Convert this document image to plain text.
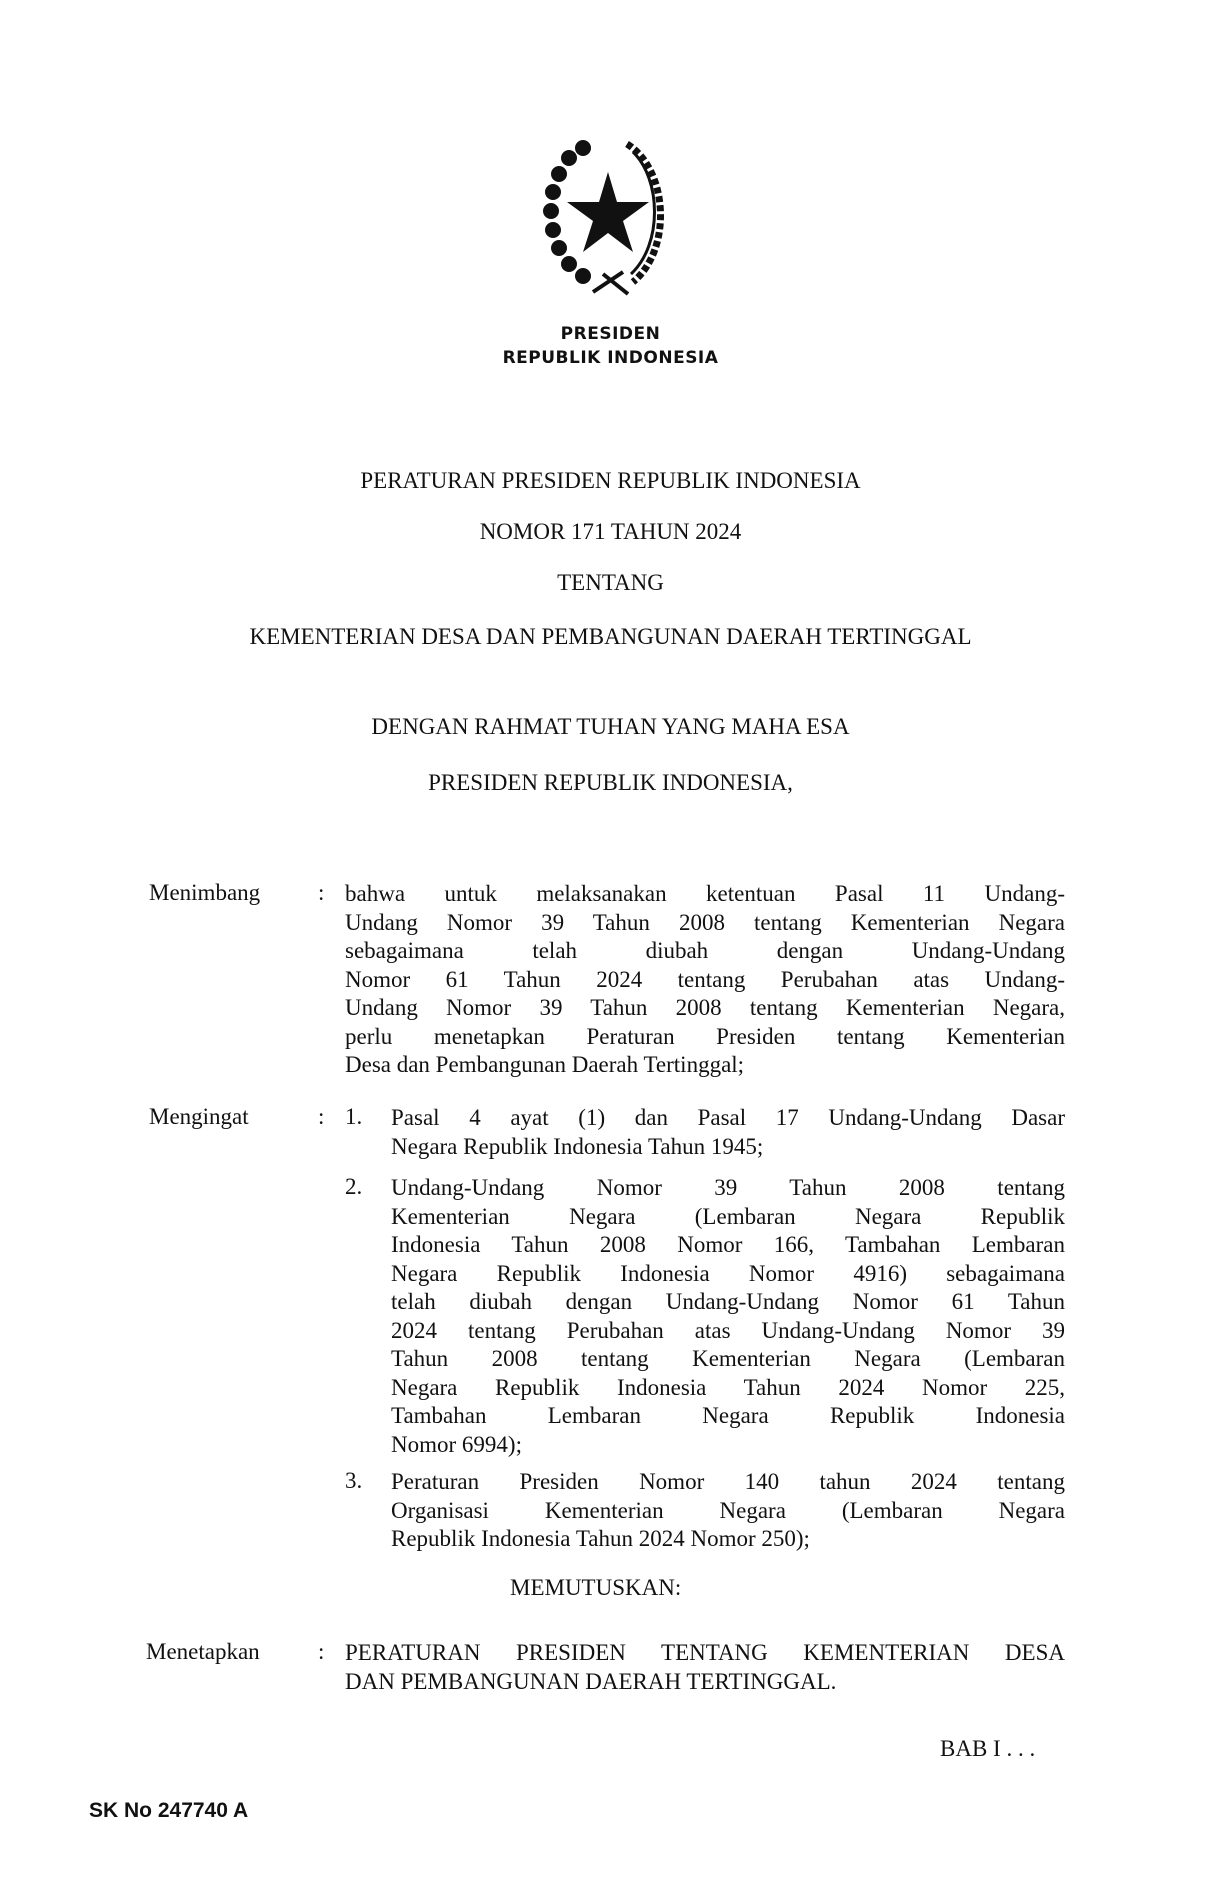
PRESIDEN
REPUBLIK INDONESIA
PERATURAN PRESIDEN REPUBLIK INDONESIA
NOMOR 171 TAHUN 2024
TENTANG
KEMENTERIAN DESA DAN PEMBANGUNAN DAERAH TERTINGGAL
DENGAN RAHMAT TUHAN YANG MAHA ESA
PRESIDEN REPUBLIK INDONESIA,
Menimbang	: bahwa untuk melaksanakan ketentuan Pasal 11 Undang-
Undang Nomor 39 Tahun 2008 tentang Kementerian Negara
sebagaimana telah diubah dengan Undang-Undang
Nomor 61 Tahun 2024 tentang Perubahan atas Undang-
Undang Nomor 39 Tahun 2008 tentang Kementerian Negara,
perlu menetapkan Peraturan Presiden tentang Kementerian
Desa dan Pembangunan Daerah Tertinggal;
Mengingat	: 1. Pasal 4 ayat (1) dan Pasal 17 Undang-Undang Dasar
Negara Republik Indonesia Tahun 1945;
2. Undang-Undang Nomor 39 Tahun 2008 tentang
Kementerian Negara (Lembaran Negara Republik
Indonesia Tahun 2008 Nomor 166, Tambahan Lembaran
Negara Republik Indonesia Nomor 4916) sebagaimana
telah diubah dengan Undang-Undang Nomor 61 Tahun
2024 tentang Perubahan atas Undang-Undang Nomor 39
Tahun 2008 tentang Kementerian Negara (Lembaran
Negara Republik Indonesia Tahun 2024 Nomor 225,
Tambahan Lembaran Negara Republik Indonesia
Nomor 6994);
3. Peraturan Presiden Nomor 140 tahun 2024 tentang
Organisasi Kementerian Negara (Lembaran Negara
Republik Indonesia Tahun 2024 Nomor 250);
MEMUTUSKAN:
Menetapkan	: PERATURAN PRESIDEN TENTANG KEMENTERIAN DESA
DAN PEMBANGUNAN DAERAH TERTINGGAL.
BAB I . . .
SK No 247740 A
